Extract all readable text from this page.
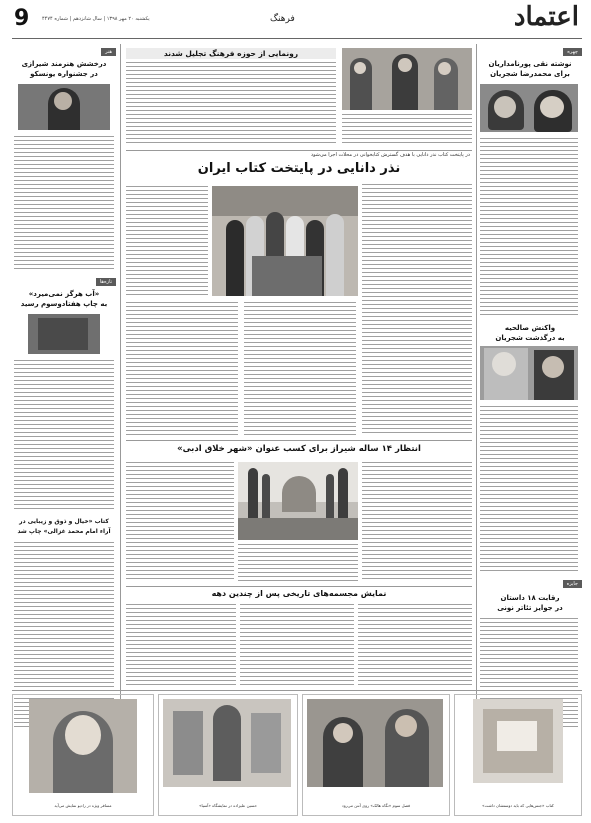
اعتماد
فرهنگ
9	یکشنبه ۲۰ مهر ۱۳۹۸ | سال شانزدهم | شماره ۴۴۷۴
چهره
نوشته نقی پورنامداریان
برای محمدرضا شجریان
واکنش صالحیه
به درگذشت شجریان
جایزه
رقابت ۱۸ داستان
در جوایز تئاتر نونی
هنر
درخشش هنرمند شیرازی
در جشنواره یونسکو
تازه‌ها
«آب هرگز نمی‌میرد»
به چاپ هفتادوسوم رسید
کتاب «خیال و ذوق و زیبایی در
آراء امام محمد غزالی» چاپ شد
رونمایی از حوزه فرهنگ تجلیل شدند
در پایتخت کتاب نذر دانایی با هدف گسترش کتابخوانی در محلات اجرا می‌شود
نذر دانایی در پایتخت کتاب ایران
انتظار ۱۴ ساله شیراز برای کسب عنوان «شهر خلاق ادبی»
نمایش مجسمه‌های تاریخی پس از چندین دهه
کتاب «جنس‌هایی که باید دوستشان داشت»
فصل سوم «نگاه هالک» روی آنتن می‌رود
حسین علیزاده در نمایشگاه «آسیا»
مسافر ویژه در رادیو نمایش می‌آید
